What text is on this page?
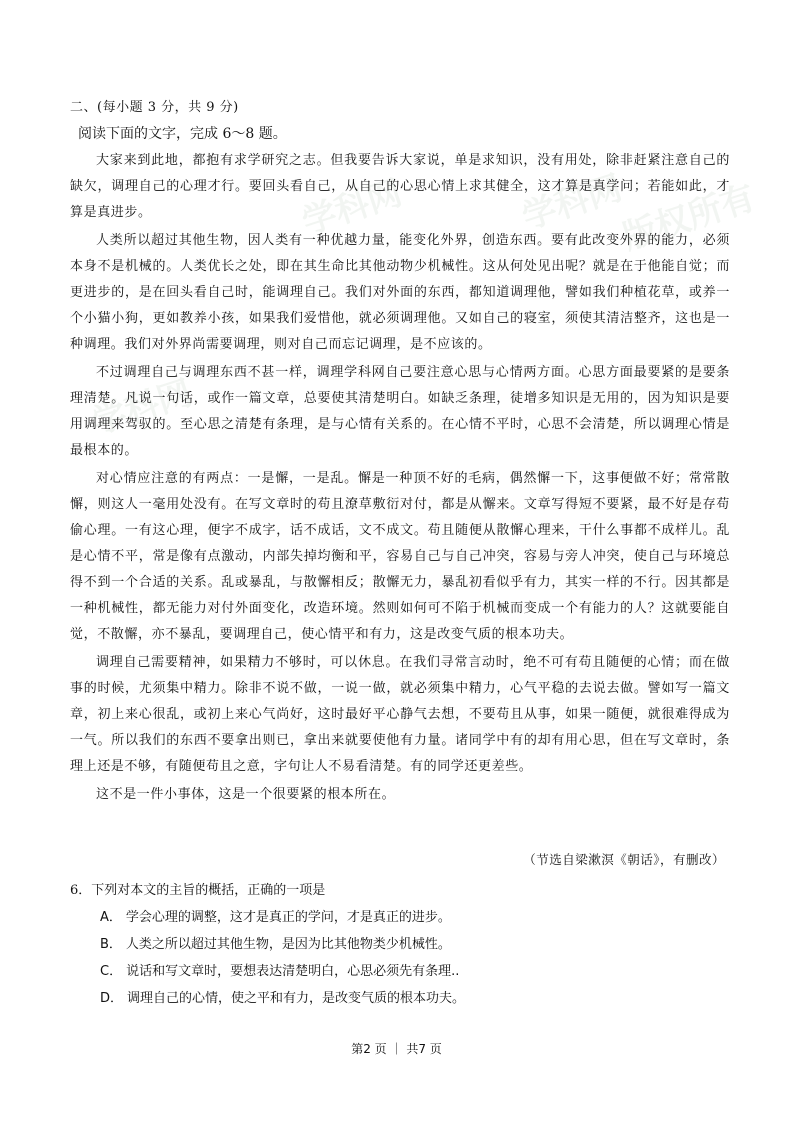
学科网	学科网
版权所有
学科网
二、(每小题 3 分，共 9 分)
阅读下面的文字，完成 6～8 题。

大家来到此地，都抱有求学研究之志。但我要告诉大家说，单是求知识，没有用处，除非赶紧注意自己的缺欠，调理自己的心理才行。要回头看自己，从自己的心思心情上求其健全，这才算是真学问；若能如此，才算是真进步。

人类所以超过其他生物，因人类有一种优越力量，能变化外界，创造东西。要有此改变外界的能力，必须本身不是机械的。人类优长之处，即在其生命比其他动物少机械性。这从何处见出呢？就是在于他能自觉；而更进步的，是在回头看自己时，能调理自己。我们对外面的东西，都知道调理他，譬如我们种植花草，或养一个小猫小狗，更如教养小孩，如果我们爱惜他，就必须调理他。又如自己的寝室，须使其清洁整齐，这也是一种调理。我们对外界尚需要调理，则对自己而忘记调理，是不应该的。

不过调理自己与调理东西不甚一样，调理学科网自己要注意心思与心情两方面。心思方面最要紧的是要条理清楚。凡说一句话，或作一篇文章，总要使其清楚明白。如缺乏条理，徒增多知识是无用的，因为知识是要用调理来驾驭的。至心思之清楚有条理，是与心情有关系的。在心情不平时，心思不会清楚，所以调理心情是最根本的。

对心情应注意的有两点：一是懈，一是乱。懈是一种顶不好的毛病，偶然懈一下，这事便做不好；常常散懈，则这人一毫用处没有。在写文章时的苟且潦草敷衍对付，都是从懈来。文章写得短不要紧，最不好是存苟偷心理。一有这心理，便字不成字，话不成话，文不成文。苟且随便从散懈心理来，干什么事都不成样儿。乱是心情不平，常是像有点激动，内部失掉均衡和平，容易自己与自己冲突，容易与旁人冲突，使自己与环境总得不到一个合适的关系。乱或暴乱，与散懈相反；散懈无力，暴乱初看似乎有力，其实一样的不行。因其都是一种机械性，都无能力对付外面变化，改造环境。然则如何可不陷于机械而变成一个有能力的人？这就要能自觉，不散懈，亦不暴乱，要调理自己，使心情平和有力，这是改变气质的根本功夫。

调理自己需要精神，如果精力不够时，可以休息。在我们寻常言动时，绝不可有苟且随便的心情；而在做事的时候，尤须集中精力。除非不说不做，一说一做，就必须集中精力，心气平稳的去说去做。譬如写一篇文章，初上来心很乱，或初上来心气尚好，这时最好平心静气去想，不要苟且从事，如果一随便，就很难得成为一气。所以我们的东西不要拿出则已，拿出来就要使他有力量。诸同学中有的却有用心思，但在写文章时，条理上还是不够，有随便苟且之意，字句让人不易看清楚。有的同学还更差些。

这不是一件小事体，这是一个很要紧的根本所在。

（节选自梁漱溟《朝话》，有删改）

6．下列对本文的主旨的概括，正确的一项是

A． 学会心理的调整，这才是真正的学问，才是真正的进步。
B． 人类之所以超过其他生物，是因为比其他物类少机械性。
C． 说话和写文章时，要想表达清楚明白，心思必须先有条理..
D． 调理自己的心情，使之平和有力，是改变气质的根本功夫。
第2 页 ｜ 共7 页
